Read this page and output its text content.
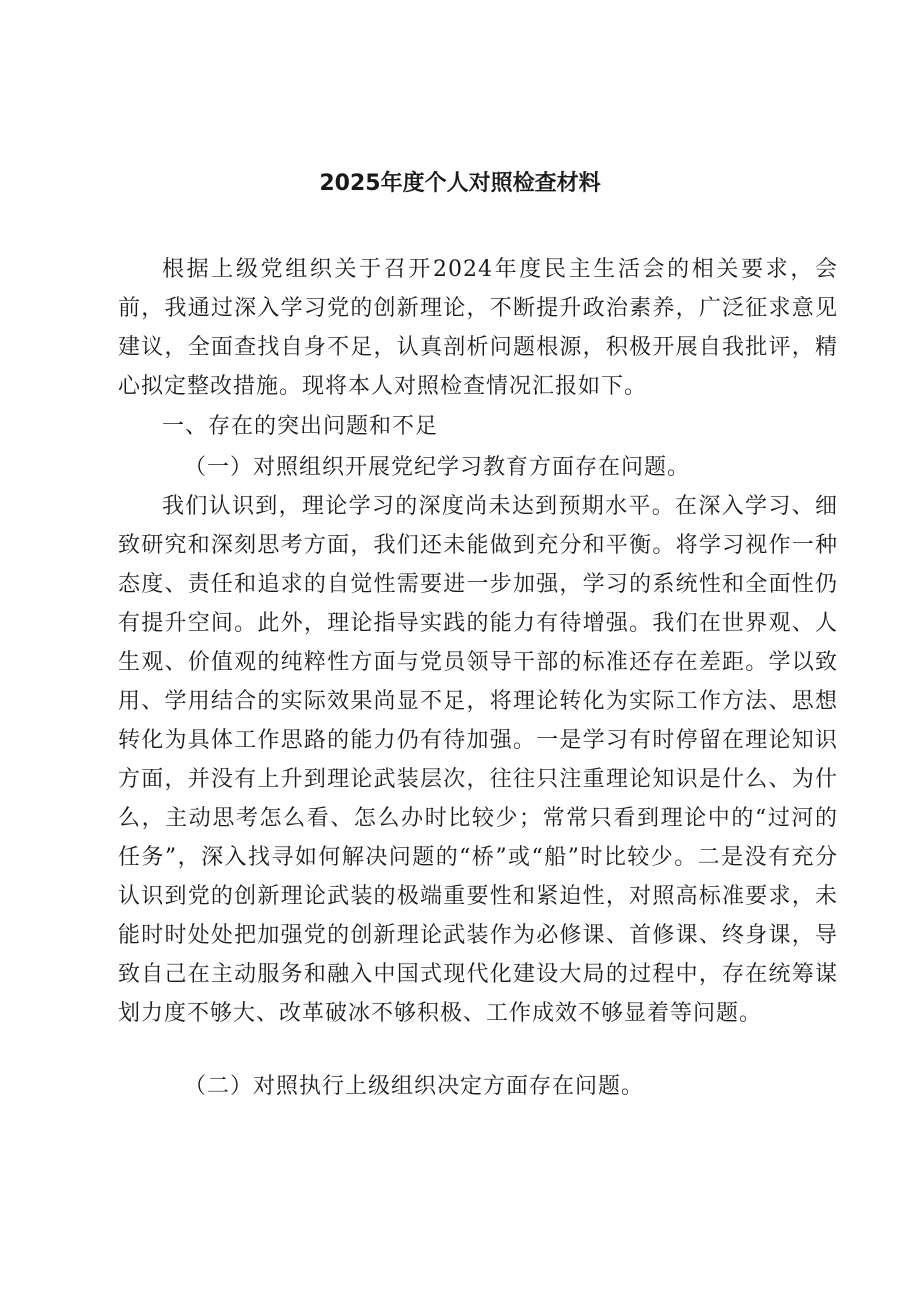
2025年度个人对照检查材料

根据上级党组织关于召开2024年度民主生活会的相关要求，会前，我通过深入学习党的创新理论，不断提升政治素养，广泛征求意见建议，全面查找自身不足，认真剖析问题根源，积极开展自我批评，精心拟定整改措施。现将本人对照检查情况汇报如下。

一、存在的突出问题和不足

（一）对照组织开展党纪学习教育方面存在问题。

我们认识到，理论学习的深度尚未达到预期水平。在深入学习、细致研究和深刻思考方面，我们还未能做到充分和平衡。将学习视作一种态度、责任和追求的自觉性需要进一步加强，学习的系统性和全面性仍有提升空间。此外，理论指导实践的能力有待增强。我们在世界观、人生观、价值观的纯粹性方面与党员领导干部的标准还存在差距。学以致用、学用结合的实际效果尚显不足，将理论转化为实际工作方法、思想转化为具体工作思路的能力仍有待加强。一是学习有时停留在理论知识方面，并没有上升到理论武装层次，往往只注重理论知识是什么、为什么，主动思考怎么看、怎么办时比较少；常常只看到理论中的“过河的任务”，深入找寻如何解决问题的“桥”或“船”时比较少。二是没有充分认识到党的创新理论武装的极端重要性和紧迫性，对照高标准要求，未能时时处处把加强党的创新理论武装作为必修课、首修课、终身课，导致自己在主动服务和融入中国式现代化建设大局的过程中，存在统筹谋划力度不够大、改革破冰不够积极、工作成效不够显着等问题。

（二）对照执行上级组织决定方面存在问题。
